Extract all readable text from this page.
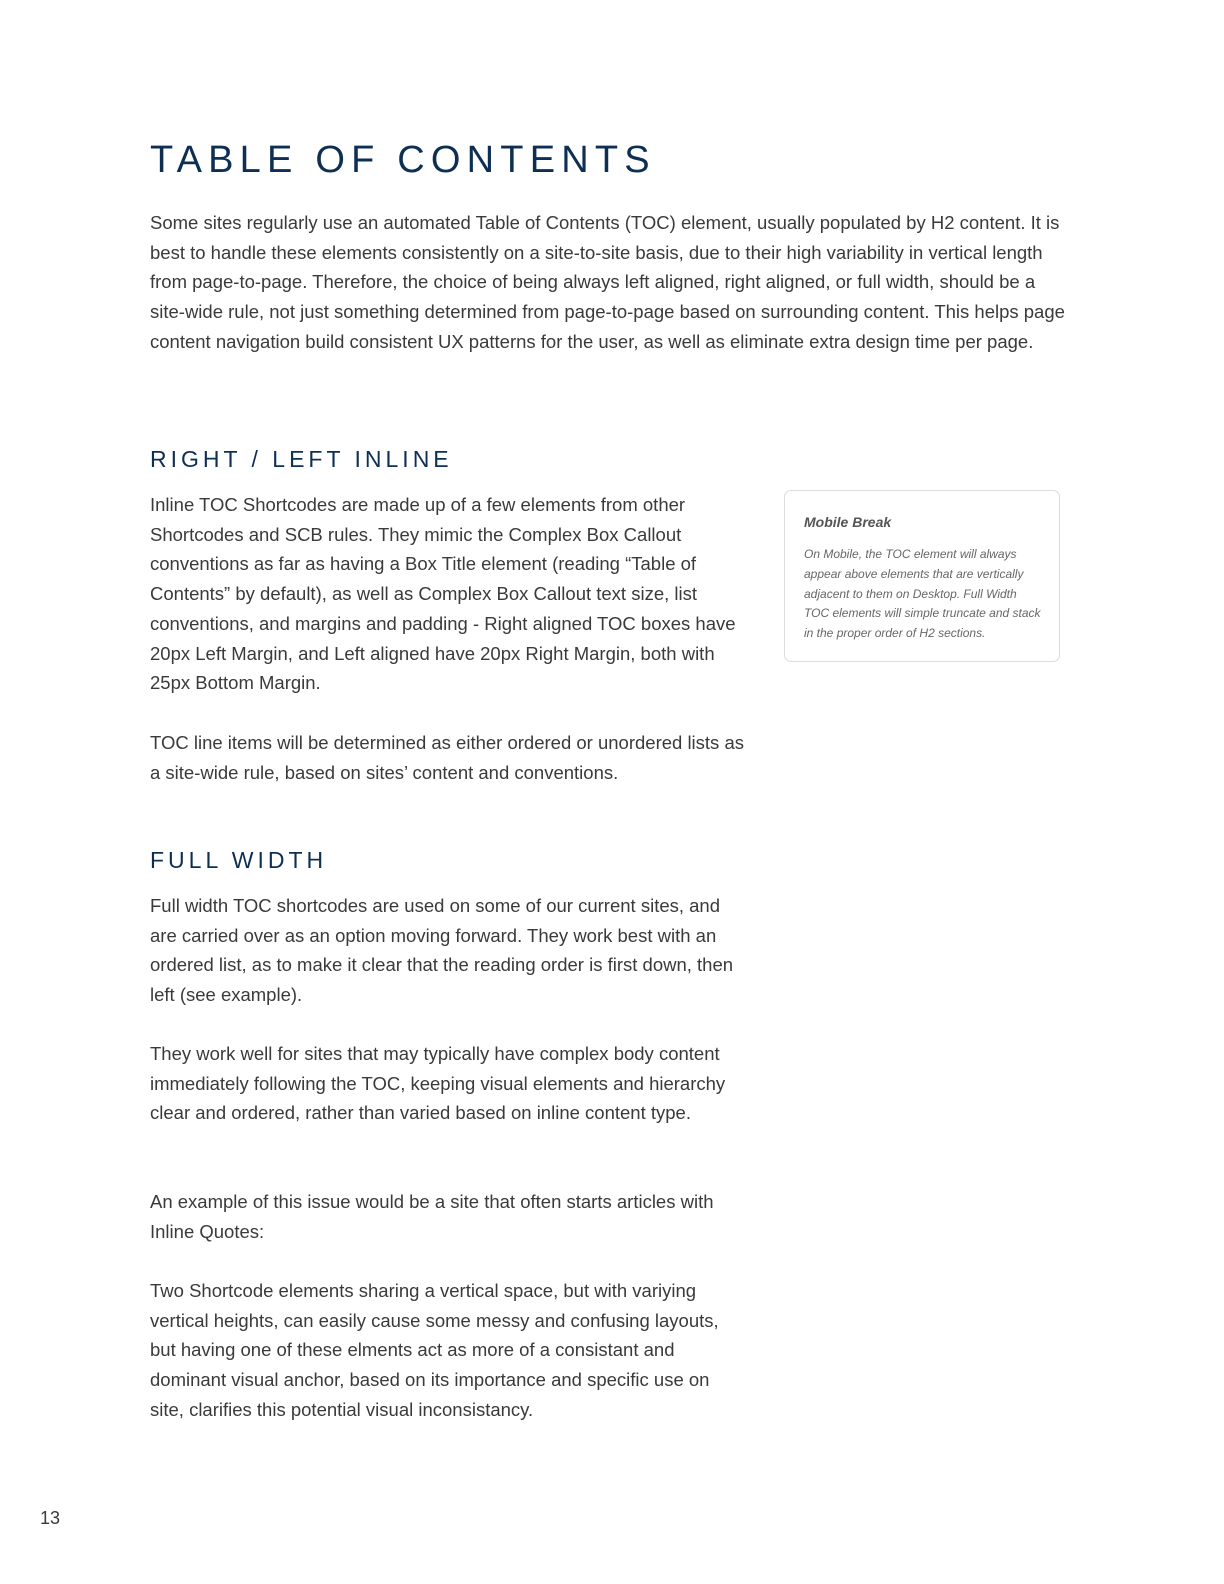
TABLE OF CONTENTS

Some sites regularly use an automated Table of Contents (TOC) element, usually populated by H2 content. It is best to handle these elements consistently on a site-to-site basis, due to their high variability in vertical length from page-to-page. Therefore, the choice of being always left aligned, right aligned, or full width, should be a site-wide rule, not just something determined from page-to-page based on surrounding content. This helps page content navigation build consistent UX patterns for the user, as well as eliminate extra design time per page.

RIGHT / LEFT INLINE

Inline TOC Shortcodes are made up of a few elements from other Shortcodes and SCB rules. They mimic the Complex Box Callout conventions as far as having a Box Title element (reading “Table of Contents” by default), as well as Complex Box Callout text size, list conventions, and margins and padding - Right aligned TOC boxes have 20px Left Margin, and Left aligned have 20px Right Margin, both with 25px Bottom Margin.

TOC line items will be determined as either ordered or unordered lists as a site-wide rule, based on sites’ content and conventions.

Mobile Break

On Mobile, the TOC element will always appear above elements that are vertically adjacent to them on Desktop. Full Width TOC elements will simple truncate and stack in the proper order of H2 sections.

FULL WIDTH

Full width TOC shortcodes are used on some of our current sites, and are carried over as an option moving forward. They work best with an ordered list, as to make it clear that the reading order is first down, then left (see example).

They work well for sites that may typically have complex body content immediately following the TOC, keeping visual elements and hierarchy clear and ordered, rather than varied based on inline content type.

An example of this issue would be a site that often starts articles with Inline Quotes:

Two Shortcode elements sharing a vertical space, but with variying vertical heights, can easily cause some messy and confusing layouts, but having one of these elments act as more of a consistant and dominant visual anchor, based on its importance and specific use on site, clarifies this potential visual inconsistancy.

13
